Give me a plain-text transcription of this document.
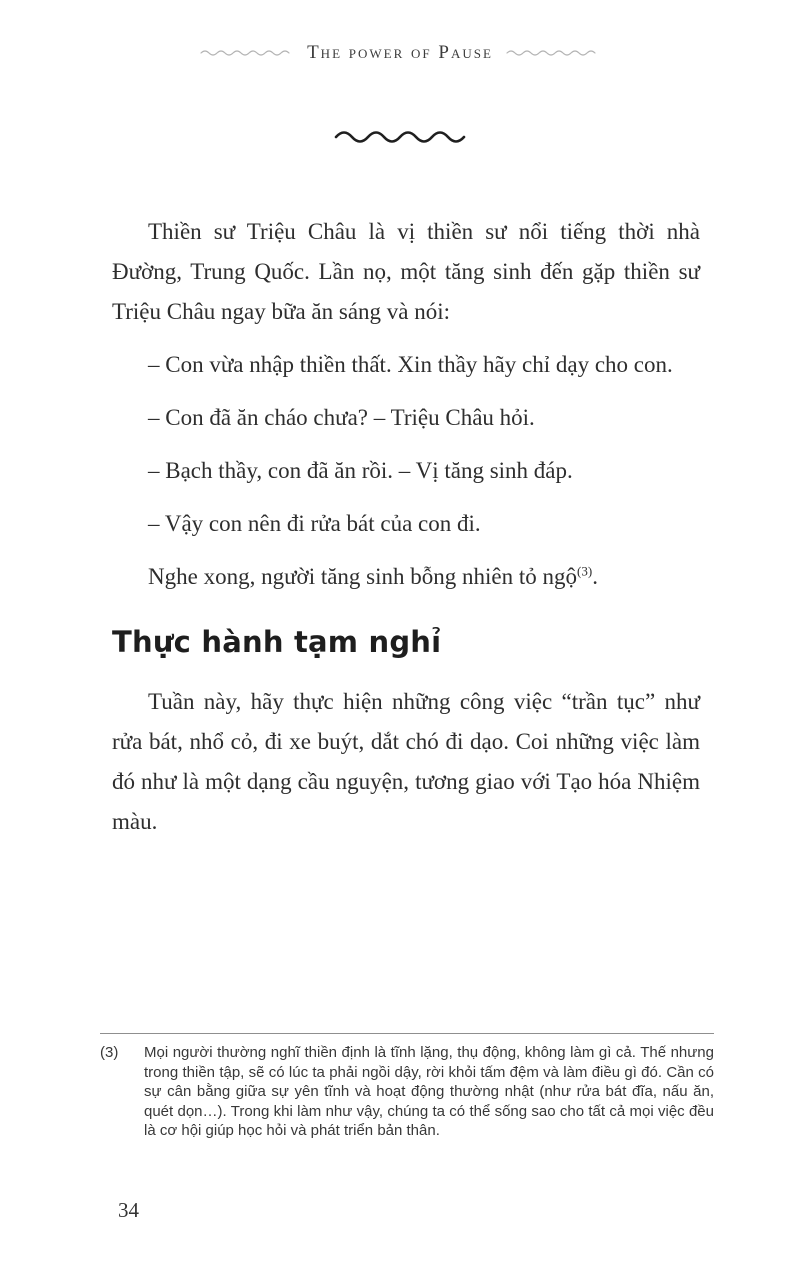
The power of Pause

Thiền sư Triệu Châu là vị thiền sư nổi tiếng thời nhà Đường, Trung Quốc. Lần nọ, một tăng sinh đến gặp thiền sư Triệu Châu ngay bữa ăn sáng và nói:

– Con vừa nhập thiền thất. Xin thầy hãy chỉ dạy cho con.

– Con đã ăn cháo chưa? – Triệu Châu hỏi.

– Bạch thầy, con đã ăn rồi. – Vị tăng sinh đáp.

– Vậy con nên đi rửa bát của con đi.

Nghe xong, người tăng sinh bỗng nhiên tỏ ngộ$^{(3)}$.

Thực hành tạm nghỉ

Tuần này, hãy thực hiện những công việc “trần tục” như rửa bát, nhổ cỏ, đi xe buýt, dắt chó đi dạo. Coi những việc làm đó như là một dạng cầu nguyện, tương giao với Tạo hóa Nhiệm màu.

(3)	Mọi người thường nghĩ thiền định là tĩnh lặng, thụ động, không làm gì cả. Thế nhưng trong thiền tập, sẽ có lúc ta phải ngồi dậy, rời khỏi tấm đệm và làm điều gì đó. Cần có sự cân bằng giữa sự yên tĩnh và hoạt động thường nhật (như rửa bát đĩa, nấu ăn, quét dọn…). Trong khi làm như vậy, chúng ta có thể sống sao cho tất cả mọi việc đều là cơ hội giúp học hỏi và phát triển bản thân.

34
